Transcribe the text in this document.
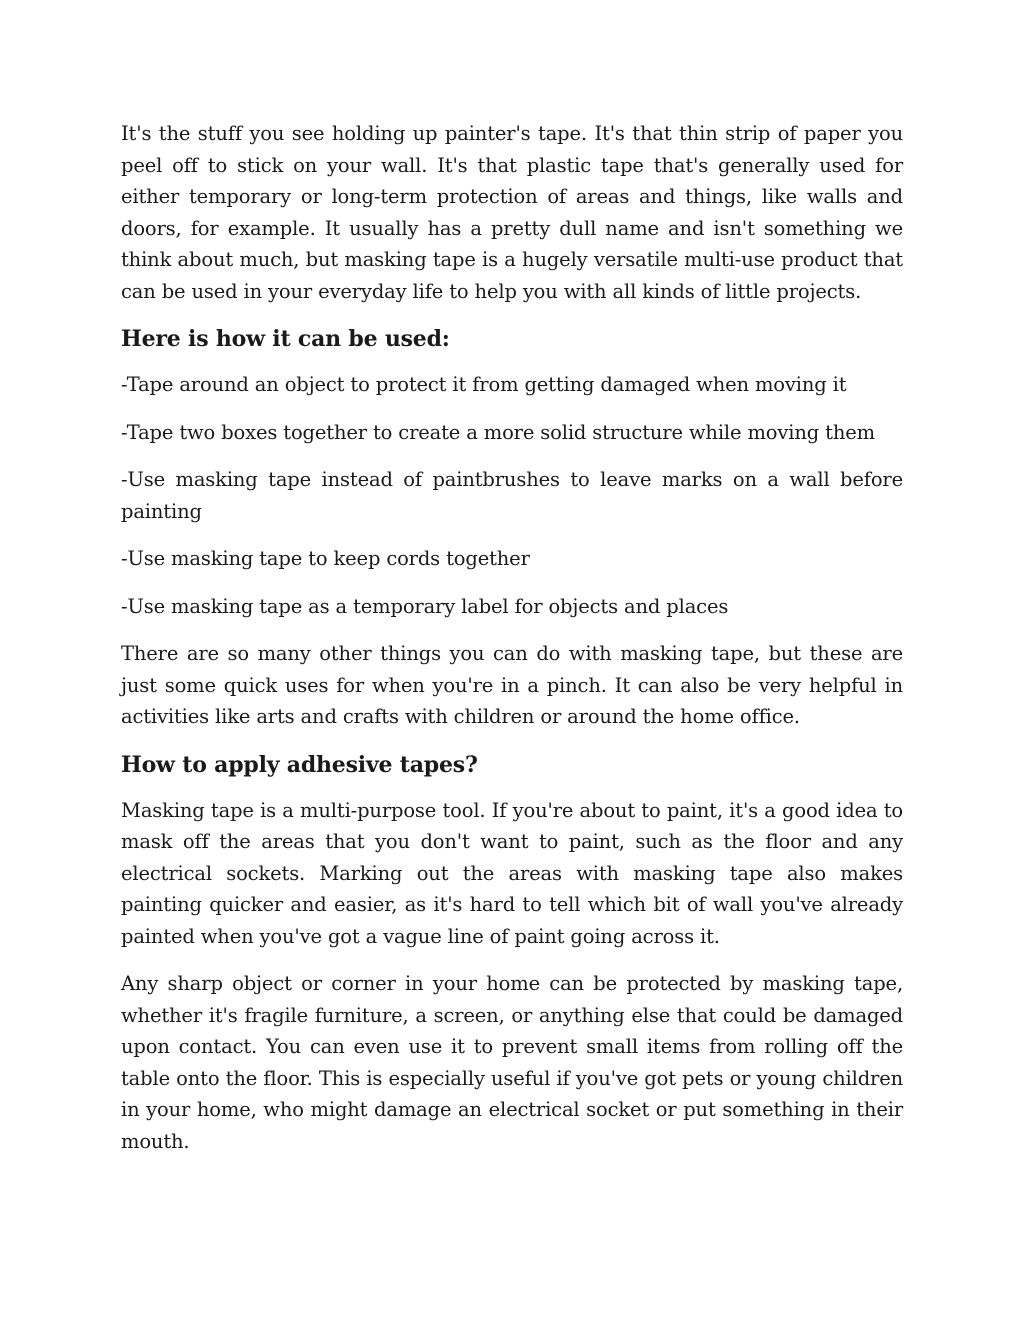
It's the stuff you see holding up painter's tape. It's that thin strip of paper you peel off to stick on your wall. It's that plastic tape that's generally used for either temporary or long-term protection of areas and things, like walls and doors, for example. It usually has a pretty dull name and isn't something we think about much, but masking tape is a hugely versatile multi-use product that can be used in your everyday life to help you with all kinds of little projects.

Here is how it can be used:

-Tape around an object to protect it from getting damaged when moving it

-Tape two boxes together to create a more solid structure while moving them

-Use masking tape instead of paintbrushes to leave marks on a wall before painting

-Use masking tape to keep cords together

-Use masking tape as a temporary label for objects and places

There are so many other things you can do with masking tape, but these are just some quick uses for when you're in a pinch. It can also be very helpful in activities like arts and crafts with children or around the home office.

How to apply adhesive tapes?

Masking tape is a multi-purpose tool. If you're about to paint, it's a good idea to mask off the areas that you don't want to paint, such as the floor and any electrical sockets. Marking out the areas with masking tape also makes painting quicker and easier, as it's hard to tell which bit of wall you've already painted when you've got a vague line of paint going across it.

Any sharp object or corner in your home can be protected by masking tape, whether it's fragile furniture, a screen, or anything else that could be damaged upon contact. You can even use it to prevent small items from rolling off the table onto the floor. This is especially useful if you've got pets or young children in your home, who might damage an electrical socket or put something in their mouth.
